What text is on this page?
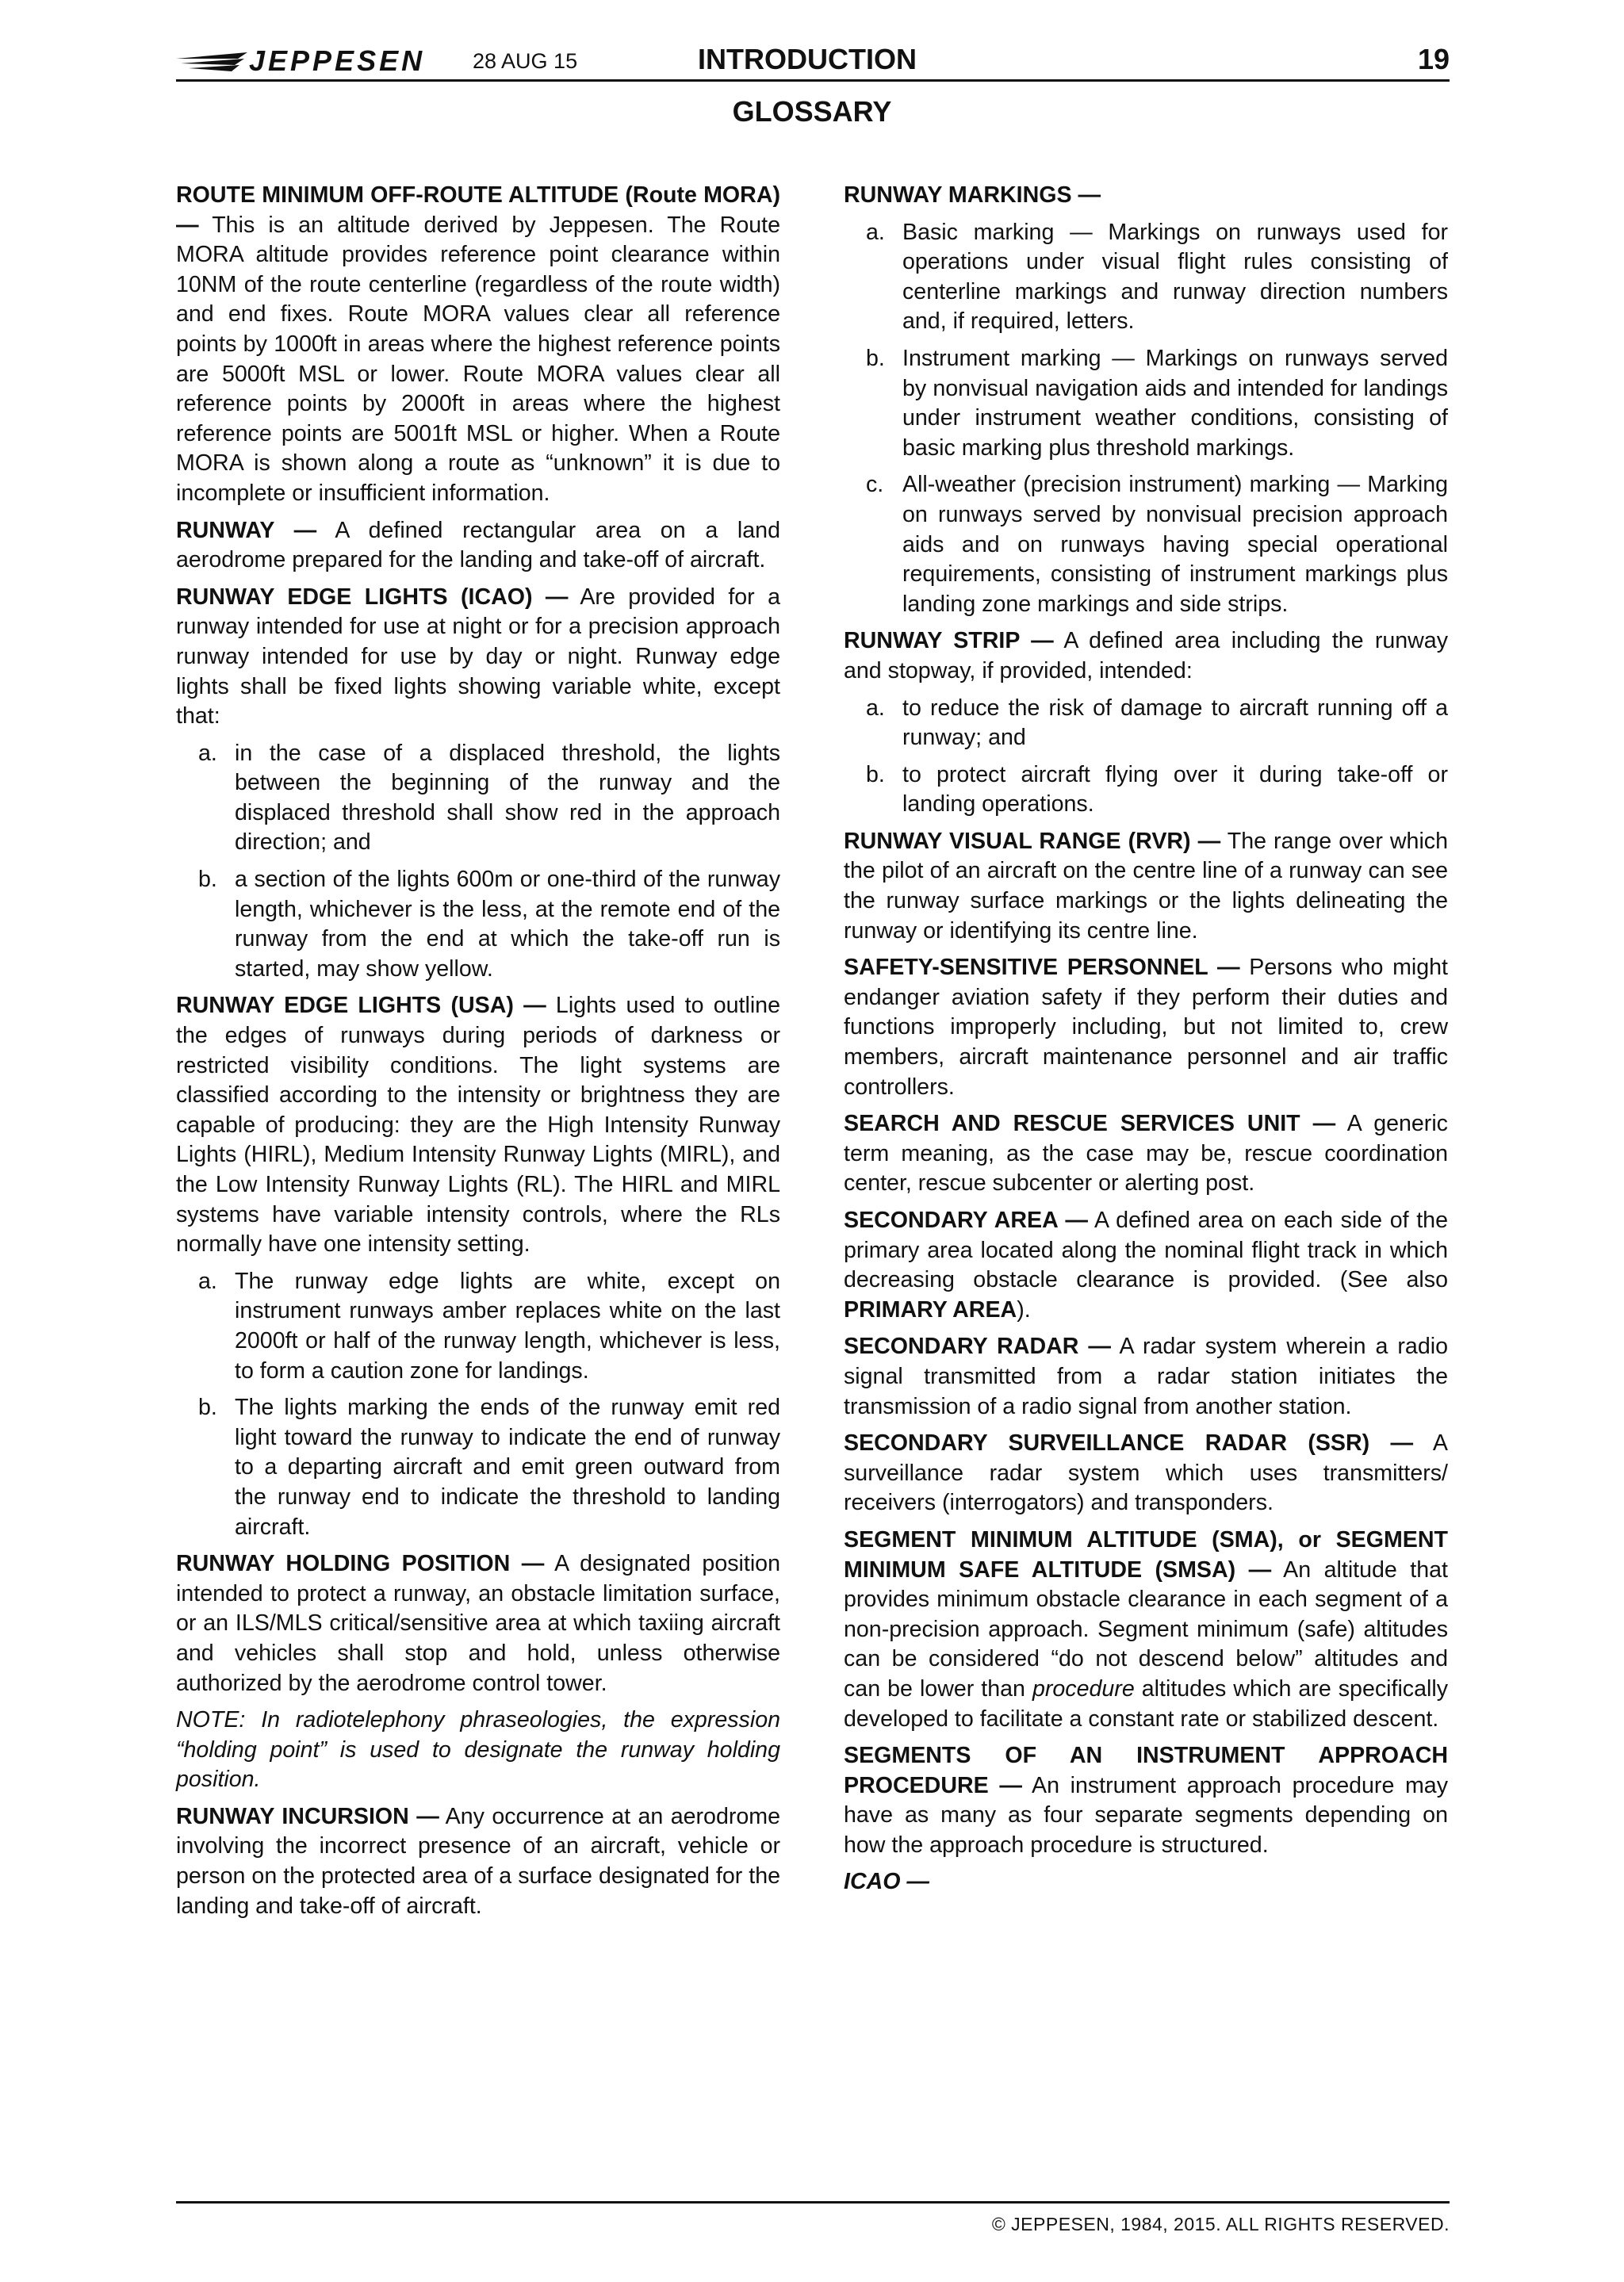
JEPPESEN 28 AUG 15	INTRODUCTION	19
GLOSSARY

ROUTE MINIMUM OFF-ROUTE ALTITUDE (Route MORA) — This is an altitude derived by Jeppesen. The Route MORA altitude provides reference point clearance within 10NM of the route centerline (regardless of the route width) and end fixes. Route MORA values clear all reference points by 1000ft in areas where the highest reference points are 5000ft MSL or lower. Route MORA values clear all reference points by 2000ft in areas where the highest reference points are 5001ft MSL or higher. When a Route MORA is shown along a route as “unknown” it is due to incomplete or insufficient information.

RUNWAY — A defined rectangular area on a land aerodrome prepared for the landing and take-off of aircraft.

RUNWAY EDGE LIGHTS (ICAO) — Are provided for a runway intended for use at night or for a precision approach runway intended for use by day or night. Runway edge lights shall be fixed lights showing variable white, except that:

a. in the case of a displaced threshold, the lights between the beginning of the runway and the displaced threshold shall show red in the approach direction; and
b. a section of the lights 600m or one-third of the runway length, whichever is the less, at the remote end of the runway from the end at which the take-off run is started, may show yellow.

RUNWAY EDGE LIGHTS (USA) — Lights used to outline the edges of runways during periods of darkness or restricted visibility conditions. The light systems are classified according to the intensity or brightness they are capable of producing: they are the High Intensity Runway Lights (HIRL), Medium Intensity Runway Lights (MIRL), and the Low Intensity Runway Lights (RL). The HIRL and MIRL systems have variable intensity controls, where the RLs normally have one intensity setting.

a. The runway edge lights are white, except on instrument runways amber replaces white on the last 2000ft or half of the runway length, whichever is less, to form a caution zone for landings.
b. The lights marking the ends of the runway emit red light toward the runway to indicate the end of runway to a departing aircraft and emit green outward from the runway end to indicate the threshold to landing aircraft.

RUNWAY HOLDING POSITION — A designated position intended to protect a runway, an obstacle limitation surface, or an ILS/MLS critical/sensitive area at which taxiing aircraft and vehicles shall stop and hold, unless otherwise authorized by the aerodrome control tower.

NOTE: In radiotelephony phraseologies, the expression “holding point” is used to designate the runway holding position.

RUNWAY INCURSION — Any occurrence at an aerodrome involving the incorrect presence of an aircraft, vehicle or person on the protected area of a surface designated for the landing and take-off of aircraft.

RUNWAY MARKINGS —

a. Basic marking — Markings on runways used for operations under visual flight rules consisting of centerline markings and runway direction numbers and, if required, letters.
b. Instrument marking — Markings on runways served by nonvisual navigation aids and intended for landings under instrument weather conditions, consisting of basic marking plus threshold markings.
c. All-weather (precision instrument) marking — Marking on runways served by nonvisual precision approach aids and on runways having special operational requirements, consisting of instrument markings plus landing zone markings and side strips.

RUNWAY STRIP — A defined area including the runway and stopway, if provided, intended:

a. to reduce the risk of damage to aircraft running off a runway; and
b. to protect aircraft flying over it during take-off or landing operations.

RUNWAY VISUAL RANGE (RVR) — The range over which the pilot of an aircraft on the centre line of a runway can see the runway surface markings or the lights delineating the runway or identifying its centre line.

SAFETY-SENSITIVE PERSONNEL — Persons who might endanger aviation safety if they perform their duties and functions improperly including, but not limited to, crew members, aircraft maintenance personnel and air traffic controllers.

SEARCH AND RESCUE SERVICES UNIT — A generic term meaning, as the case may be, rescue coordination center, rescue subcenter or alerting post.

SECONDARY AREA — A defined area on each side of the primary area located along the nominal flight track in which decreasing obstacle clearance is provided. (See also PRIMARY AREA).

SECONDARY RADAR — A radar system wherein a radio signal transmitted from a radar station initiates the transmission of a radio signal from another station.

SECONDARY SURVEILLANCE RADAR (SSR) — A surveillance radar system which uses transmitters/ receivers (interrogators) and transponders.

SEGMENT MINIMUM ALTITUDE (SMA), or SEGMENT MINIMUM SAFE ALTITUDE (SMSA) — An altitude that provides minimum obstacle clearance in each segment of a non-precision approach. Segment minimum (safe) altitudes can be considered “do not descend below” altitudes and can be lower than procedure altitudes which are specifically developed to facilitate a constant rate or stabilized descent.

SEGMENTS OF AN INSTRUMENT APPROACH PROCEDURE — An instrument approach procedure may have as many as four separate segments depending on how the approach procedure is structured.

ICAO —

© JEPPESEN, 1984, 2015. ALL RIGHTS RESERVED.
